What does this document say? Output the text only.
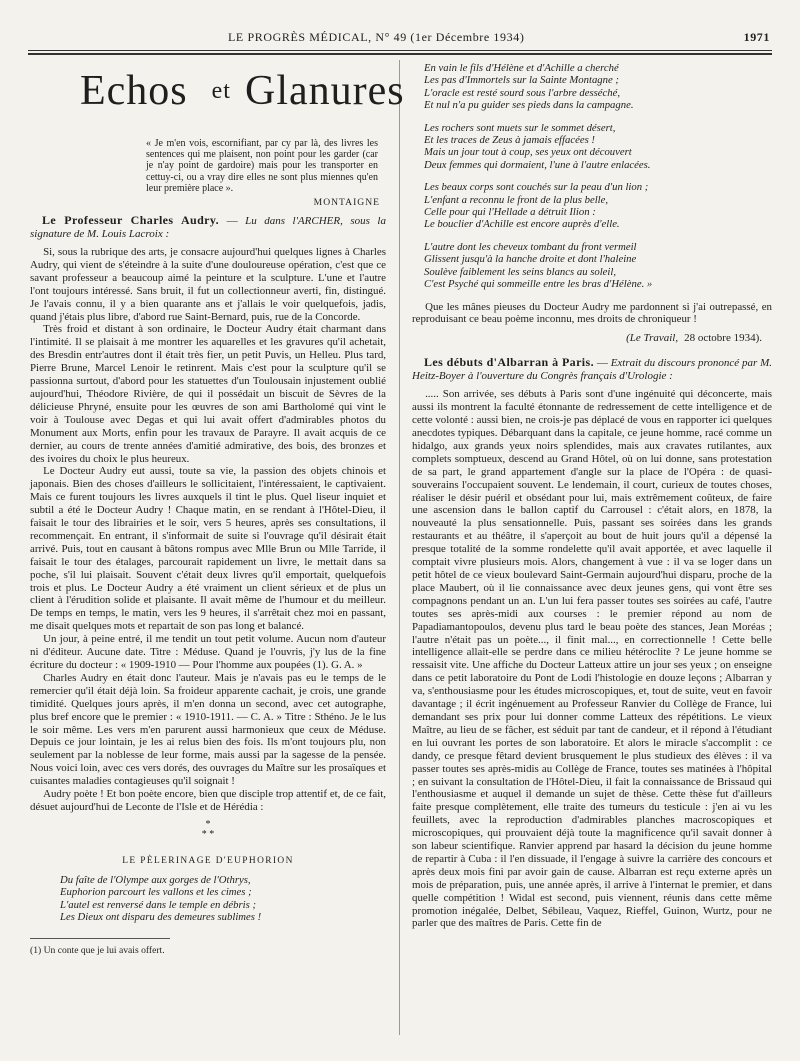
LE PROGRÈS MÉDICAL, N° 49 (1er Décembre 1934)	1971
Echos et Glanures

« Je m'en vois, escornifiant, par cy par là, des livres les sentences qui me plaisent, non point pour les garder (car je n'ay point de gardoire) mais pour les transporter en cettuy-ci, ou a vray dire elles ne sont plus miennes qu'en leur première place ».

MONTAIGNE
Le Professeur Charles Audry. — Lu dans l'ARCHER, sous la signature de M. Louis Lacroix :

Si, sous la rubrique des arts, je consacre aujourd'hui quelques lignes à Charles Audry, qui vient de s'éteindre à la suite d'une douloureuse opération, c'est que ce savant professeur a beaucoup aimé la peinture et la sculpture. L'une et l'autre l'ont toujours intéressé. Sans bruit, il fut un collectionneur averti, fin, distingué. Je l'avais connu, il y a bien quarante ans et j'allais le voir quelquefois, jadis, quand j'étais plus libre, d'abord rue Saint-Bernard, puis, rue de la Concorde.

Très froid et distant à son ordinaire, le Docteur Audry était charmant dans l'intimité. Il se plaisait à me montrer les aquarelles et les gravures qu'il achetait, des Bresdin entr'autres dont il était très fier, un petit Puvis, un Helleu. Plus tard, Pierre Brune, Marcel Lenoir le retinrent. Mais c'est pour la sculpture qu'il se passionna surtout, d'abord pour les statuettes d'un Toulousain injustement oublié aujourd'hui, Théodore Rivière, de qui il possédait un biscuit de Sèvres de la délicieuse Phryné, ensuite pour les œuvres de son ami Bartholomé qui vint le voir à Toulouse avec Degas et qui lui avait offert d'admirables photos du Monument aux Morts, enfin pour les travaux de Parayre. Il avait acquis de ce dernier, au cours de trente années d'amitié admirative, des bois, des bronzes et des ivoires du choix le plus heureux.

Le Docteur Audry eut aussi, toute sa vie, la passion des objets chinois et japonais. Bien des choses d'ailleurs le sollicitaient, l'intéressaient, le captivaient. Mais ce furent toujours les livres auxquels il tint le plus. Quel liseur inquiet et subtil a été le Docteur Audry ! Chaque matin, en se rendant à l'Hôtel-Dieu, il faisait le tour des librairies et le soir, vers 5 heures, après ses consultations, il recommençait. En entrant, il s'informait de suite si l'ouvrage qu'il désirait était arrivé. Puis, tout en causant à bâtons rompus avec Mlle Brun ou Mlle Tarride, il faisait le tour des étalages, parcourait rapidement un livre, le mettait dans sa poche, s'il lui plaisait. Souvent c'était deux livres qu'il emportait, quelquefois trois et plus. Le Docteur Audry a été vraiment un client sérieux et de plus un client à l'érudition solide et plaisante. Il avait même de l'humour et du meilleur. De temps en temps, le matin, vers les 9 heures, il s'arrêtait chez moi en passant, me disait quelques mots et repartait de son pas long et balancé.

Un jour, à peine entré, il me tendit un tout petit volume. Aucun nom d'auteur ni d'éditeur. Aucune date. Titre : Méduse. Quand je l'ouvris, j'y lus de la fine écriture du docteur : « 1909-1910 — Pour l'homme aux poupées (1). G. A. »

Charles Audry en était donc l'auteur. Mais je n'avais pas eu le temps de le remercier qu'il était déjà loin. Sa froideur apparente cachait, je crois, une grande timidité. Quelques jours après, il m'en donna un second, avec cet autographe, plus bref encore que le premier : « 1910-1911. — C. A. » Titre : Sthéno. Je le lus le soir même. Les vers m'en parurent aussi harmonieux que ceux de Méduse. Depuis ce jour lointain, je les ai relus bien des fois. Ils m'ont toujours plu, non seulement par la noblesse de leur forme, mais aussi par la sagesse de la pensée. Nous voici loin, avec ces vers dorés, des ouvrages du Maître sur les prosaïques et cuisantes maladies contagieuses qu'il soignait !

Audry poète ! Et bon poète encore, bien que disciple trop attentif et, de ce fait, désuet aujourd'hui de Leconte de l'Isle et de Hérédia :

*
* *
LE PÈLERINAGE D'EUPHORION
Du faîte de l'Olympe aux gorges de l'Othrys,
Euphorion parcourt les vallons et les cimes ;
L'autel est renversé dans le temple en débris ;
Les Dieux ont disparu des demeures sublimes !

(1) Un conte que je lui avais offert.

En vain le fils d'Hélène et d'Achille a cherché
Les pas d'Immortels sur la Sainte Montagne ;
L'oracle est resté sourd sous l'arbre desséché,
Et nul n'a pu guider ses pieds dans la campagne.
Les rochers sont muets sur le sommet désert,
Et les traces de Zeus à jamais effacées !
Mais un jour tout à coup, ses yeux ont découvert
Deux femmes qui dormaient, l'une à l'autre enlacées.
Les beaux corps sont couchés sur la peau d'un lion ;
L'enfant a reconnu le front de la plus belle,
Celle pour qui l'Hellade a détruit Ilion :
Le bouclier d'Achille est encore auprès d'elle.
L'autre dont les cheveux tombant du front vermeil
Glissent jusqu'à la hanche droite et dont l'haleine
Soulève faiblement les seins blancs au soleil,
C'est Psyché qui sommeille entre les bras d'Hélène. »

Que les mânes pieuses du Docteur Audry me pardonnent si j'ai outrepassé, en reproduisant ce beau poème inconnu, mes droits de chroniqueur !

(Le Travail, 28 octobre 1934).
Les débuts d'Albarran à Paris. — Extrait du discours prononcé par M. Heitz-Boyer à l'ouverture du Congrès français d'Urologie :

..... Son arrivée, ses débuts à Paris sont d'une ingénuité qui déconcerte, mais aussi ils montrent la faculté étonnante de redressement de cette intelligence et de cette volonté : aussi bien, ne crois-je pas déplacé de vous en rapporter ici quelques anecdotes typiques. Débarquant dans la capitale, ce jeune homme, racé comme un hidalgo, aux grands yeux noirs splendides, mais aux cravates rutilantes, aux complets somptueux, descend au Grand Hôtel, où on lui donne, sans protestation de sa part, le grand appartement d'angle sur la place de l'Opéra : de quasi-souverains l'occupaient souvent. Le lendemain, il court, curieux de toutes choses, réaliser le désir puéril et obsédant pour lui, mais extrêmement coûteux, de faire une ascension dans le ballon captif du Carrousel : c'était alors, en 1878, la nouveauté la plus sensationnelle. Puis, passant ses soirées dans les grands restaurants et au théâtre, il s'aperçoit au bout de huit jours qu'il a dépensé la presque totalité de la somme rondelette qu'il avait apportée, et avec laquelle il comptait vivre plusieurs mois. Alors, changement à vue : il va se loger dans un petit hôtel de ce vieux boulevard Saint-Germain aujourd'hui disparu, proche de la place Maubert, où il lie connaissance avec deux jeunes gens, qui vont être ses compagnons pendant un an. L'un lui fera passer toutes ses soirées au café, l'autre toutes ses après-midi aux courses : le premier répond au nom de Papadiamantopoulos, devenu plus tard le beau poète des stances, Jean Moréas ; l'autre n'était pas un poète..., il finit mal..., en correctionnelle ! Cette belle intelligence allait-elle se perdre dans ce milieu hétéroclite ? Le jeune homme se ressaisit vite. Une affiche du Docteur Latteux attire un jour ses yeux ; on enseigne dans ce petit laboratoire du Pont de Lodi l'histologie en douze leçons ; Albarran y va, s'enthousiasme pour les études microscopiques, et, tout de suite, veut en favoir davantage ; il écrit ingénuement au Professeur Ranvier du Collège de France, lui demandant ses prix pour lui donner comme Latteux des répétitions. Le vieux Maître, au lieu de se fâcher, est séduit par tant de candeur, et il répond à l'étudiant en lui ouvrant les portes de son laboratoire. Et alors le miracle s'accomplit : ce dandy, ce presque fêtard devient brusquement le plus studieux des élèves : il va passer toutes ses après-midis au Collège de France, toutes ses matinées à l'hôpital ; en suivant la consultation de l'Hôtel-Dieu, il fait la connaissance de Brissaud qui l'enthousiasme et auquel il demande un sujet de thèse. Cette thèse fut d'ailleurs faite presque complètement, elle traite des tumeurs du testicule : j'en ai vu les feuillets, avec la reproduction d'admirables planches macroscopiques et microscopiques, qui prouvaient déjà toute la magnificence qu'il savait donner à son labeur scientifique. Ranvier apprend par hasard la décision du jeune homme de repartir à Cuba : il l'en dissuade, il l'engage à suivre la carrière des concours et après deux mois fini par avoir gain de cause. Albarran est reçu externe après un mois de préparation, puis, une année après, il arrive à l'internat le premier, et dans quelle compétition ! Widal est second, puis viennent, réunis dans cette même promotion inégalée, Delbet, Sébileau, Vaquez, Rieffel, Guinon, Wurtz, pour ne parler que des maîtres de Paris. Cette fin de
